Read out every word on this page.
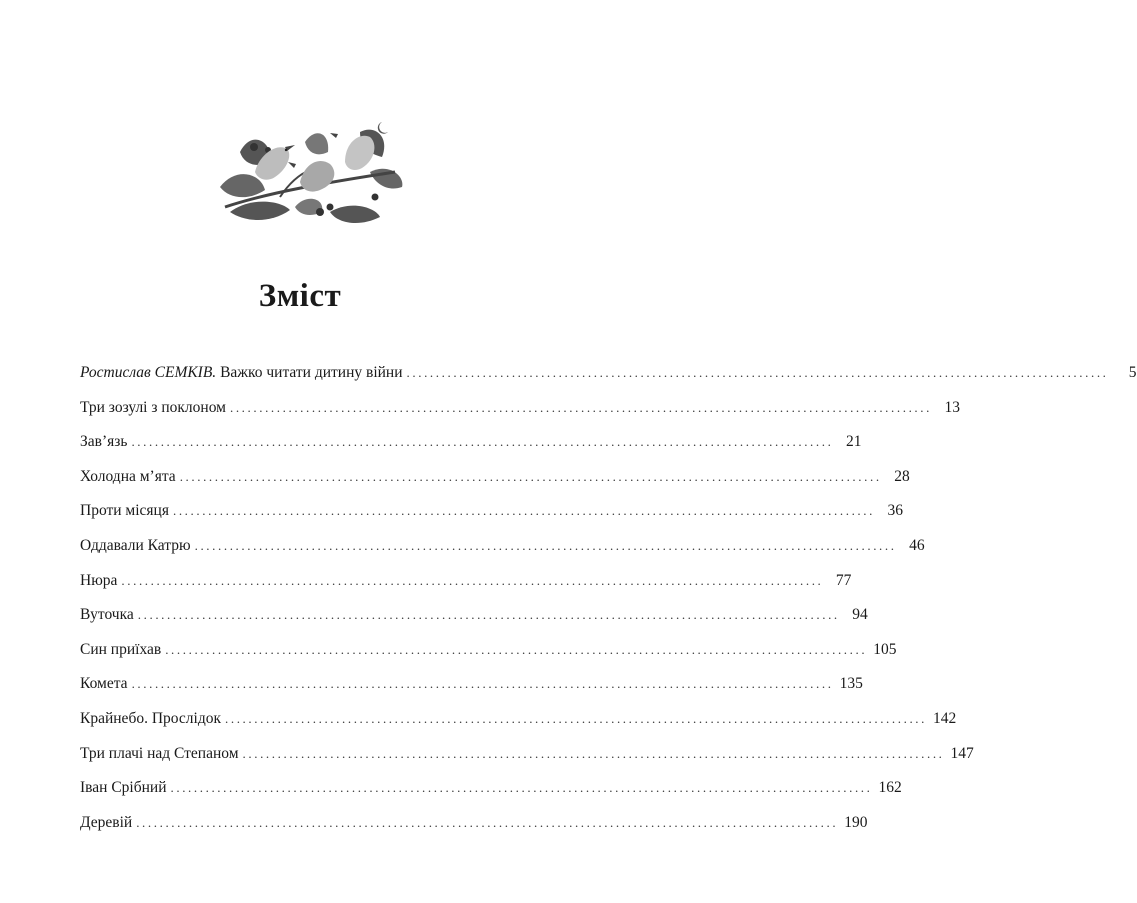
Зміст
Ростислав СЕМКІВ. Важко читати дитину війни ........................................................................................................................	5
Три зозулі з поклоном ........................................................................................................................ 13
Зав’язь ........................................................................................................................ 21
Холодна м’ята ........................................................................................................................ 28
Проти місяця ........................................................................................................................ 36
Оддавали Катрю ........................................................................................................................ 46
Нюра ........................................................................................................................ 77
Вуточка ........................................................................................................................ 94
Син приїхав ........................................................................................................................ 105
Комета ........................................................................................................................ 135
Крайнебо. Прослідок ........................................................................................................................ 142
Три плачі над Степаном ........................................................................................................................ 147
Іван Срібний ........................................................................................................................ 162
Деревій ........................................................................................................................ 190
